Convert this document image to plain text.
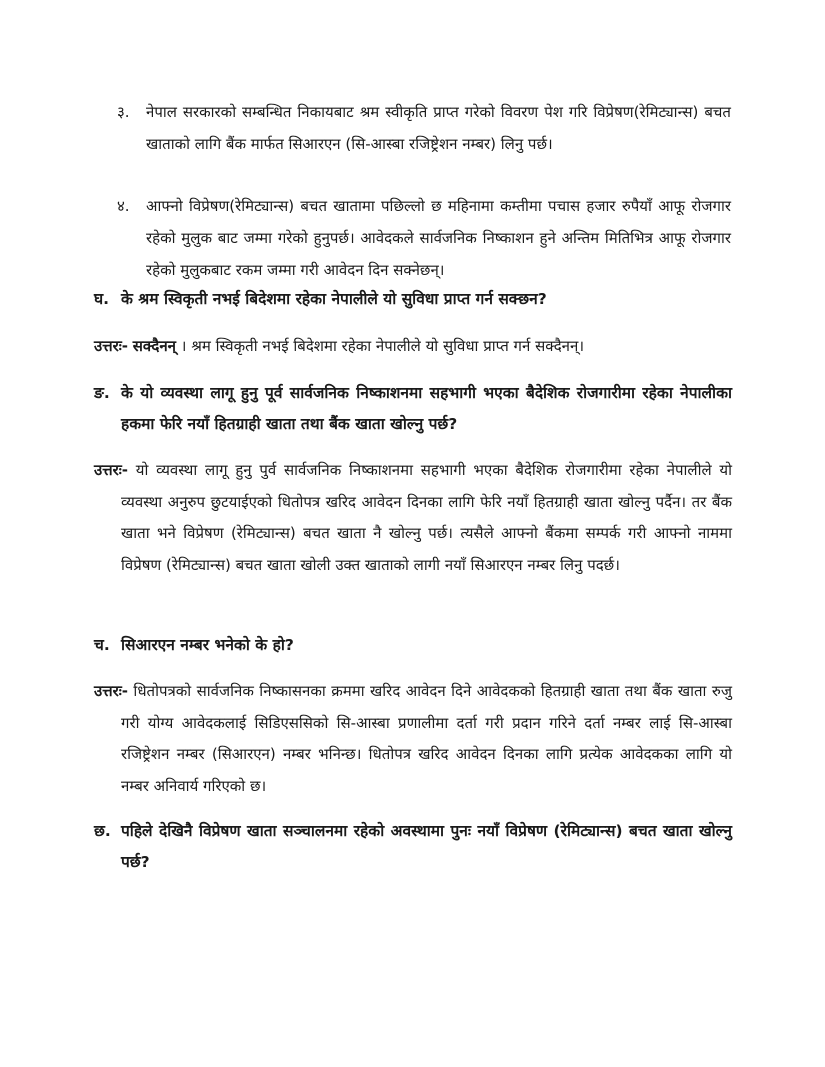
३. नेपाल सरकारको सम्बन्धित निकायबाट श्रम स्वीकृति प्राप्त गरेको विवरण पेश गरि विप्रेषण(रेमिट्यान्स) बचत खाताको लागि बैंक मार्फत सिआरएन (सि-आस्बा रजिष्ट्रेशन नम्बर) लिनु पर्छ।
४. आफ्नो विप्रेषण(रेमिट्यान्स) बचत खातामा पछिल्लो छ महिनामा कम्तीमा पचास हजार रुपैयाँ आफू रोजगार रहेको मुलुक बाट जम्मा गरेको हुनुपर्छ। आवेदकले सार्वजनिक निष्काशन हुने अन्तिम मितिभित्र आफू रोजगार रहेको मुलुकबाट रकम जम्मा गरी आवेदन दिन सक्नेछन्।
घ. के श्रम स्विकृती नभई बिदेशमा रहेका नेपालीले यो सुविधा प्राप्त गर्न सक्छन?
उत्तरः- सक्दैनन् । श्रम स्विकृती नभई बिदेशमा रहेका नेपालीले यो सुविधा प्राप्त गर्न सक्दैनन्।
ङ. के यो व्यवस्था लागू हुनु पूर्व सार्वजनिक निष्काशनमा सहभागी भएका बैदेशिक रोजगारीमा रहेका नेपालीका हकमा फेरि नयाँ हितग्राही खाता तथा बैंक खाता खोल्नु पर्छ?
उत्तरः- यो व्यवस्था लागू हुनु पुर्व सार्वजनिक निष्काशनमा सहभागी भएका बैदेशिक रोजगारीमा रहेका नेपालीले यो व्यवस्था अनुरुप छुटयाईएको धितोपत्र खरिद आवेदन दिनका लागि फेरि नयाँ हितग्राही खाता खोल्नु पर्दैन। तर बैंक खाता भने विप्रेषण (रेमिट्यान्स) बचत खाता नै खोल्नु पर्छ। त्यसैले आफ्नो बैंकमा सम्पर्क गरी आफ्नो नाममा विप्रेषण (रेमिट्यान्स) बचत खाता खोली उक्त खाताको लागी नयाँ सिआरएन नम्बर लिनु पदर्छ।
च. सिआरएन नम्बर भनेको के हो?
उत्तरः- धितोपत्रको सार्वजनिक निष्कासनका क्रममा खरिद आवेदन दिने आवेदकको हितग्राही खाता तथा बैंक खाता रुजु गरी योग्य आवेदकलाई सिडिएससिको सि-आस्बा प्रणालीमा दर्ता गरी प्रदान गरिने दर्ता नम्बर लाई सि-आस्बा रजिष्ट्रेशन नम्बर (सिआरएन) नम्बर भनिन्छ। धितोपत्र खरिद आवेदन दिनका लागि प्रत्येक आवेदकका लागि यो नम्बर अनिवार्य गरिएको छ।
छ. पहिले देखिनै विप्रेषण खाता सञ्चालनमा रहेको अवस्थामा पुनः नयाँ विप्रेषण (रेमिट्यान्स) बचत खाता खोल्नु पर्छ?
